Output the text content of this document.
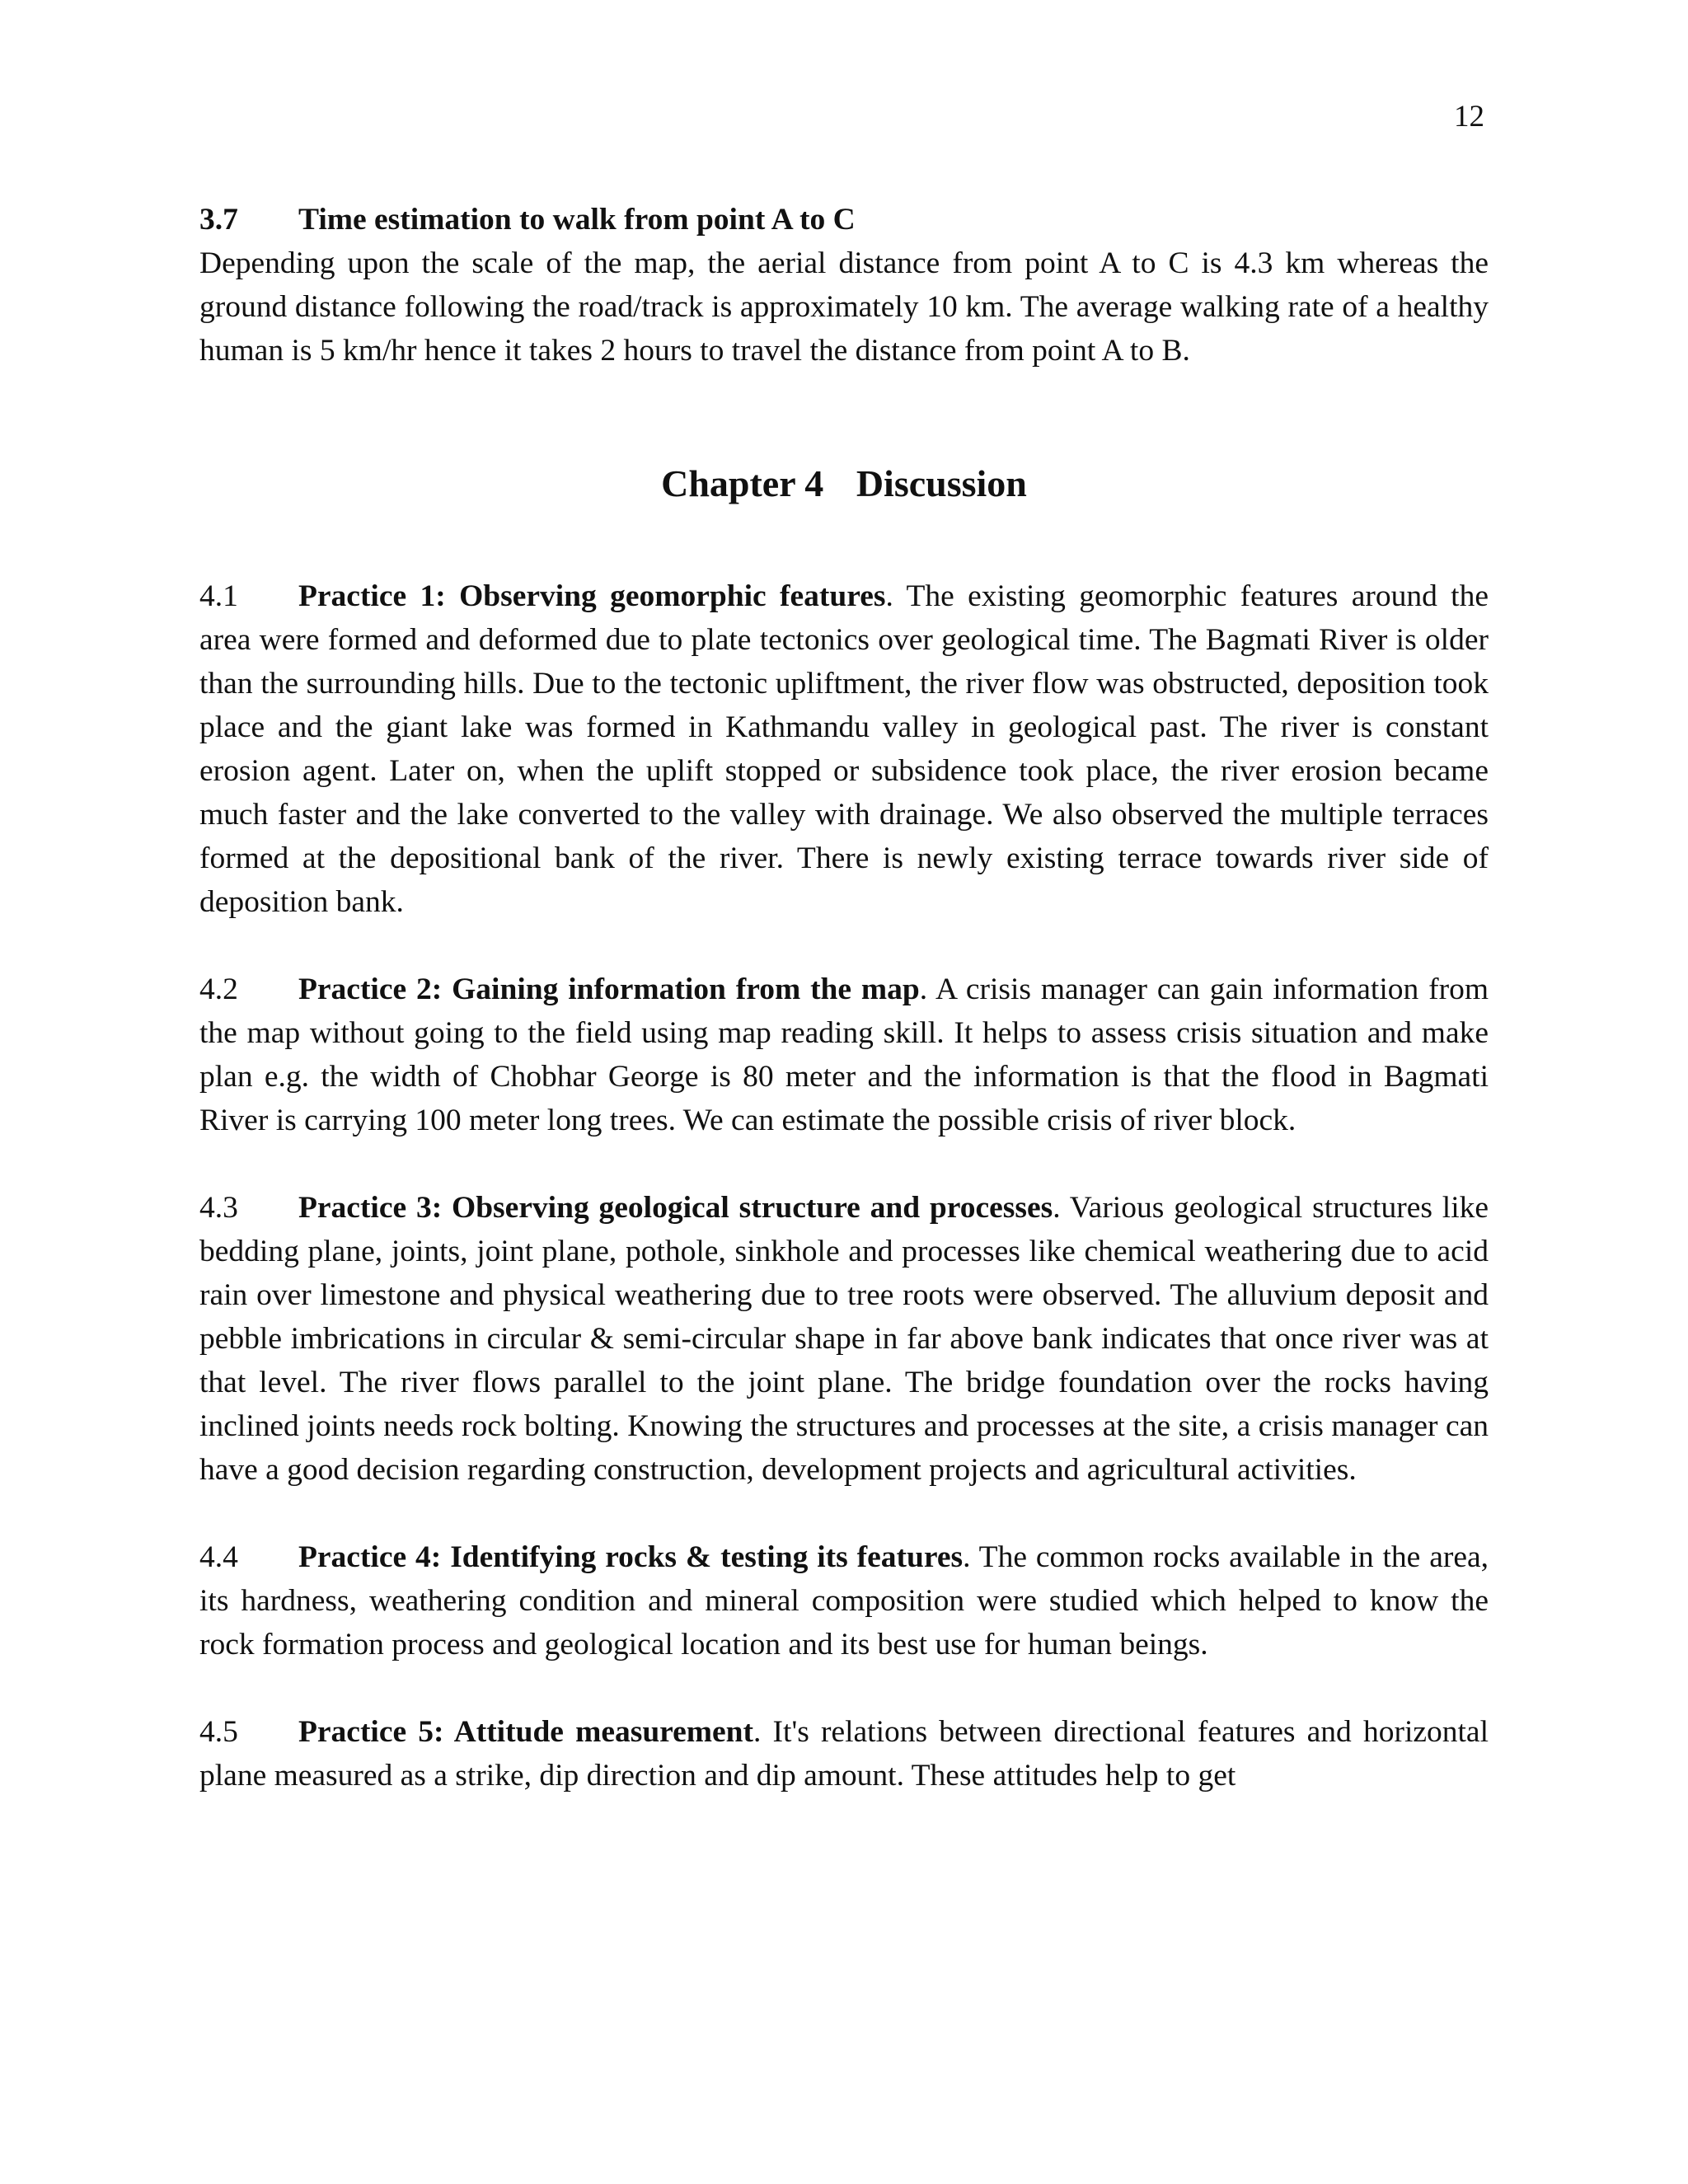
12
3.7	Time estimation to walk from point A to C

Depending upon the scale of the map, the aerial distance from point A to C is 4.3 km whereas the ground distance following the road/track is approximately 10 km. The average walking rate of a healthy human is 5 km/hr hence it takes 2 hours to travel the distance from point A to B.

Chapter 4 Discussion

4.1 Practice 1: Observing geomorphic features. The existing geomorphic features around the area were formed and deformed due to plate tectonics over geological time. The Bagmati River is older than the surrounding hills. Due to the tectonic upliftment, the river flow was obstructed, deposition took place and the giant lake was formed in Kathmandu valley in geological past. The river is constant erosion agent. Later on, when the uplift stopped or subsidence took place, the river erosion became much faster and the lake converted to the valley with drainage. We also observed the multiple terraces formed at the depositional bank of the river. There is newly existing terrace towards river side of deposition bank.

4.2 Practice 2: Gaining information from the map. A crisis manager can gain information from the map without going to the field using map reading skill. It helps to assess crisis situation and make plan e.g. the width of Chobhar George is 80 meter and the information is that the flood in Bagmati River is carrying 100 meter long trees. We can estimate the possible crisis of river block.

4.3 Practice 3: Observing geological structure and processes. Various geological structures like bedding plane, joints, joint plane, pothole, sinkhole and processes like chemical weathering due to acid rain over limestone and physical weathering due to tree roots were observed. The alluvium deposit and pebble imbrications in circular & semi-circular shape in far above bank indicates that once river was at that level. The river flows parallel to the joint plane. The bridge foundation over the rocks having inclined joints needs rock bolting. Knowing the structures and processes at the site, a crisis manager can have a good decision regarding construction, development projects and agricultural activities.

4.4 Practice 4: Identifying rocks & testing its features. The common rocks available in the area, its hardness, weathering condition and mineral composition were studied which helped to know the rock formation process and geological location and its best use for human beings.

4.5 Practice 5: Attitude measurement. It's relations between directional features and horizontal plane measured as a strike, dip direction and dip amount. These attitudes help to get
